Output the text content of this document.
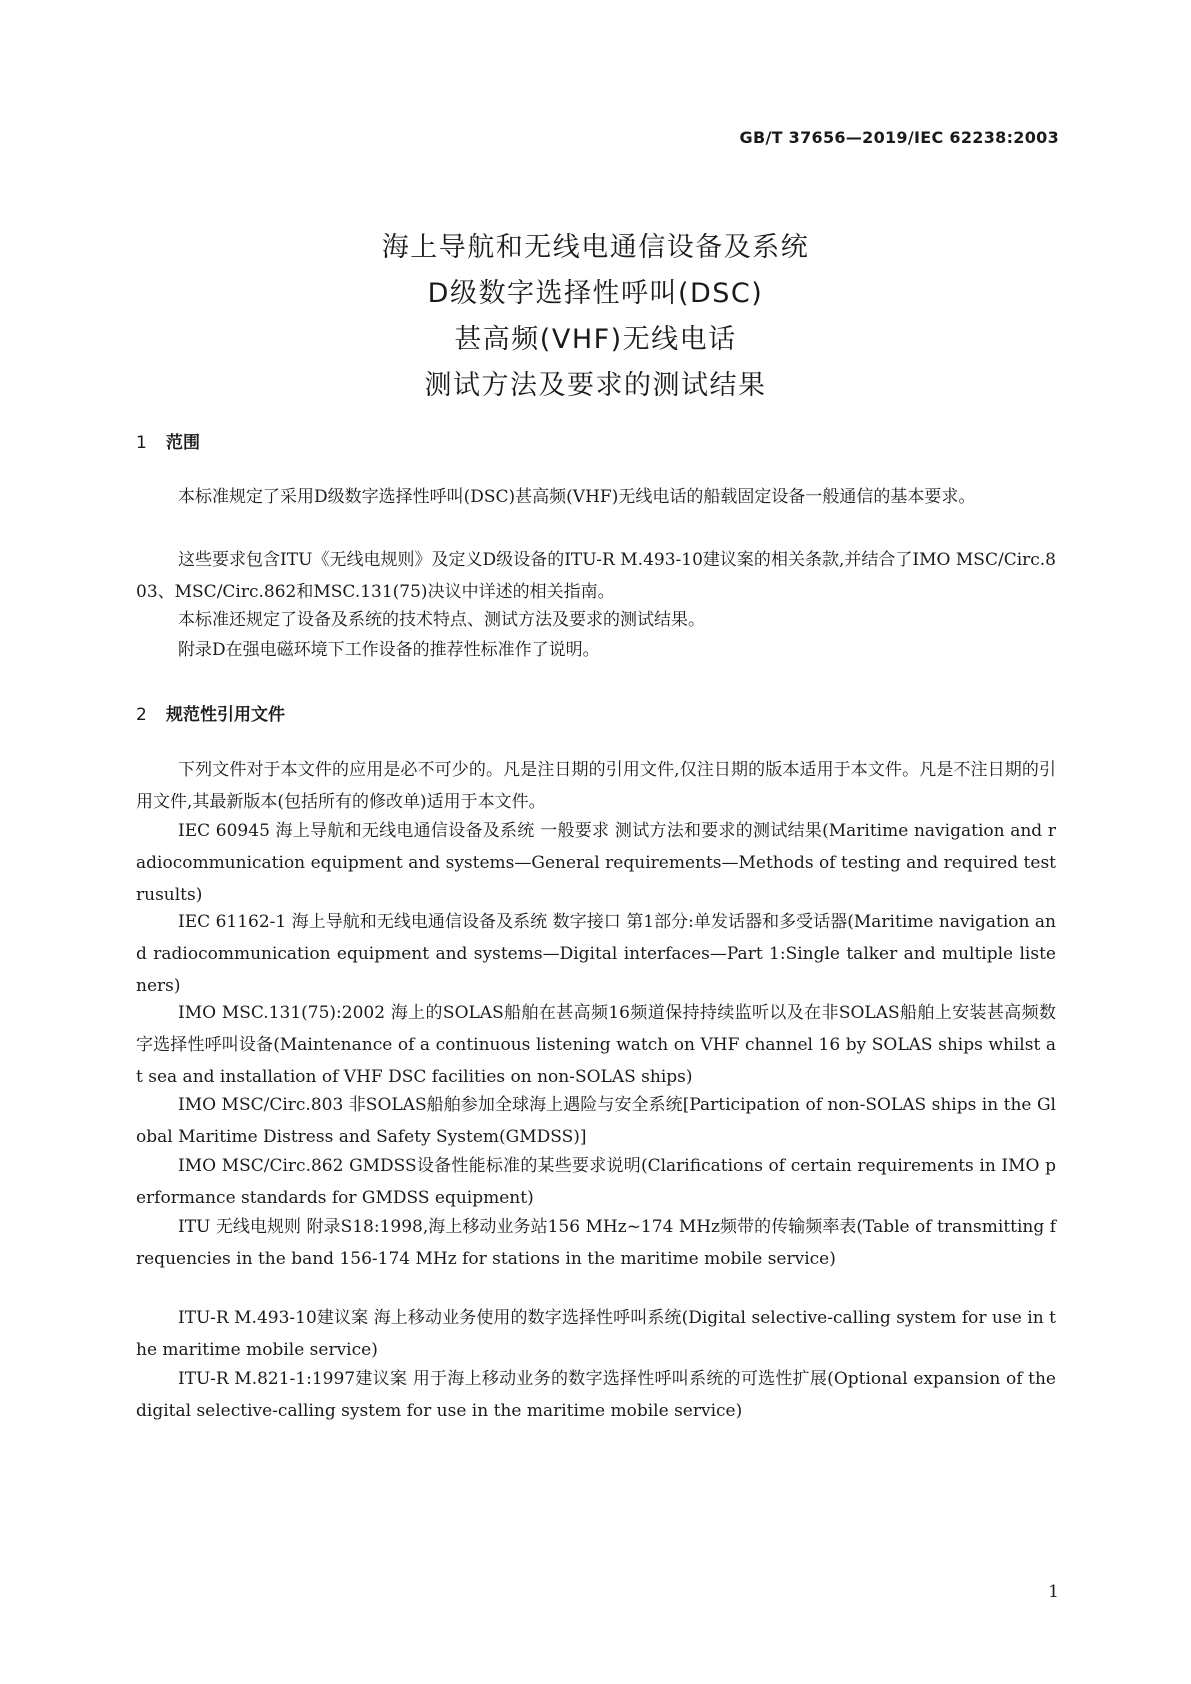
GB/T 37656—2019/IEC 62238:2003
海上导航和无线电通信设备及系统
D级数字选择性呼叫(DSC)
甚高频(VHF)无线电话
测试方法及要求的测试结果
1 范围
本标准规定了采用D级数字选择性呼叫(DSC)甚高频(VHF)无线电话的船载固定设备一般通信的基本要求。
这些要求包含ITU《无线电规则》及定义D级设备的ITU-R M.493-10建议案的相关条款,并结合了IMO MSC/Circ.803、MSC/Circ.862和MSC.131(75)决议中详述的相关指南。
本标准还规定了设备及系统的技术特点、测试方法及要求的测试结果。
附录D在强电磁环境下工作设备的推荐性标准作了说明。
2 规范性引用文件
下列文件对于本文件的应用是必不可少的。凡是注日期的引用文件,仅注日期的版本适用于本文件。凡是不注日期的引用文件,其最新版本(包括所有的修改单)适用于本文件。
IEC 60945 海上导航和无线电通信设备及系统 一般要求 测试方法和要求的测试结果(Maritime navigation and radiocommunication equipment and systems—General requirements—Methods of testing and required test rusults)
IEC 61162-1 海上导航和无线电通信设备及系统 数字接口 第1部分:单发话器和多受话器(Maritime navigation and radiocommunication equipment and systems—Digital interfaces—Part 1:Single talker and multiple listeners)
IMO MSC.131(75):2002 海上的SOLAS船舶在甚高频16频道保持持续监听以及在非SOLAS船舶上安装甚高频数字选择性呼叫设备(Maintenance of a continuous listening watch on VHF channel 16 by SOLAS ships whilst at sea and installation of VHF DSC facilities on non-SOLAS ships)
IMO MSC/Circ.803 非SOLAS船舶参加全球海上遇险与安全系统[Participation of non-SOLAS ships in the Global Maritime Distress and Safety System(GMDSS)]
IMO MSC/Circ.862 GMDSS设备性能标准的某些要求说明(Clarifications of certain requirements in IMO performance standards for GMDSS equipment)
ITU 无线电规则 附录S18:1998,海上移动业务站156 MHz~174 MHz频带的传输频率表(Table of transmitting frequencies in the band 156-174 MHz for stations in the maritime mobile service)
ITU-R M.493-10建议案 海上移动业务使用的数字选择性呼叫系统(Digital selective-calling system for use in the maritime mobile service)
ITU-R M.821-1:1997建议案 用于海上移动业务的数字选择性呼叫系统的可选性扩展(Optional expansion of the digital selective-calling system for use in the maritime mobile service)
1
